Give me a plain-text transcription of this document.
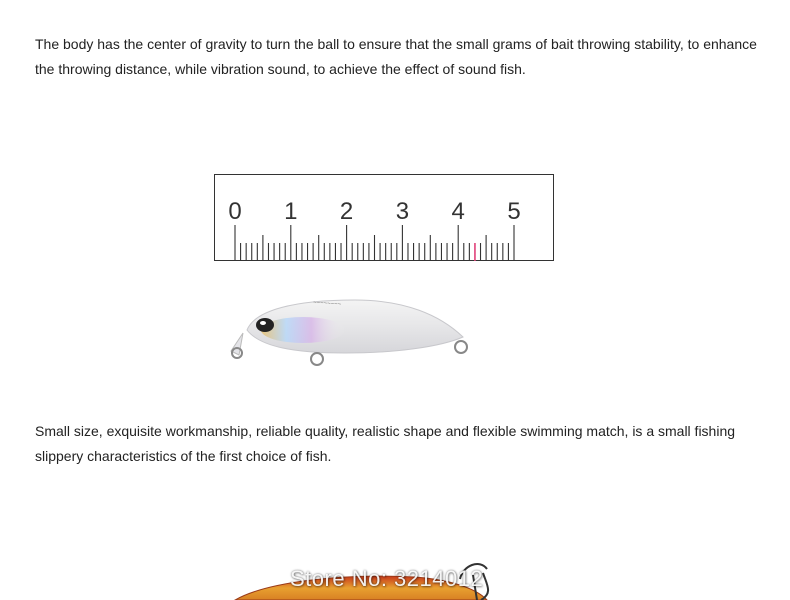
The body has the center of gravity to turn the ball to ensure that the small grams of bait throwing stability, to enhance the throwing distance, while vibration sound, to achieve the effect of sound fish.

0 1 2 3 4 5
~~~~~~~~

Small size, exquisite workmanship, reliable quality, realistic shape and flexible swimming match, is a small fishing slippery characteristics of the first choice of fish.

Store No: 3214012
